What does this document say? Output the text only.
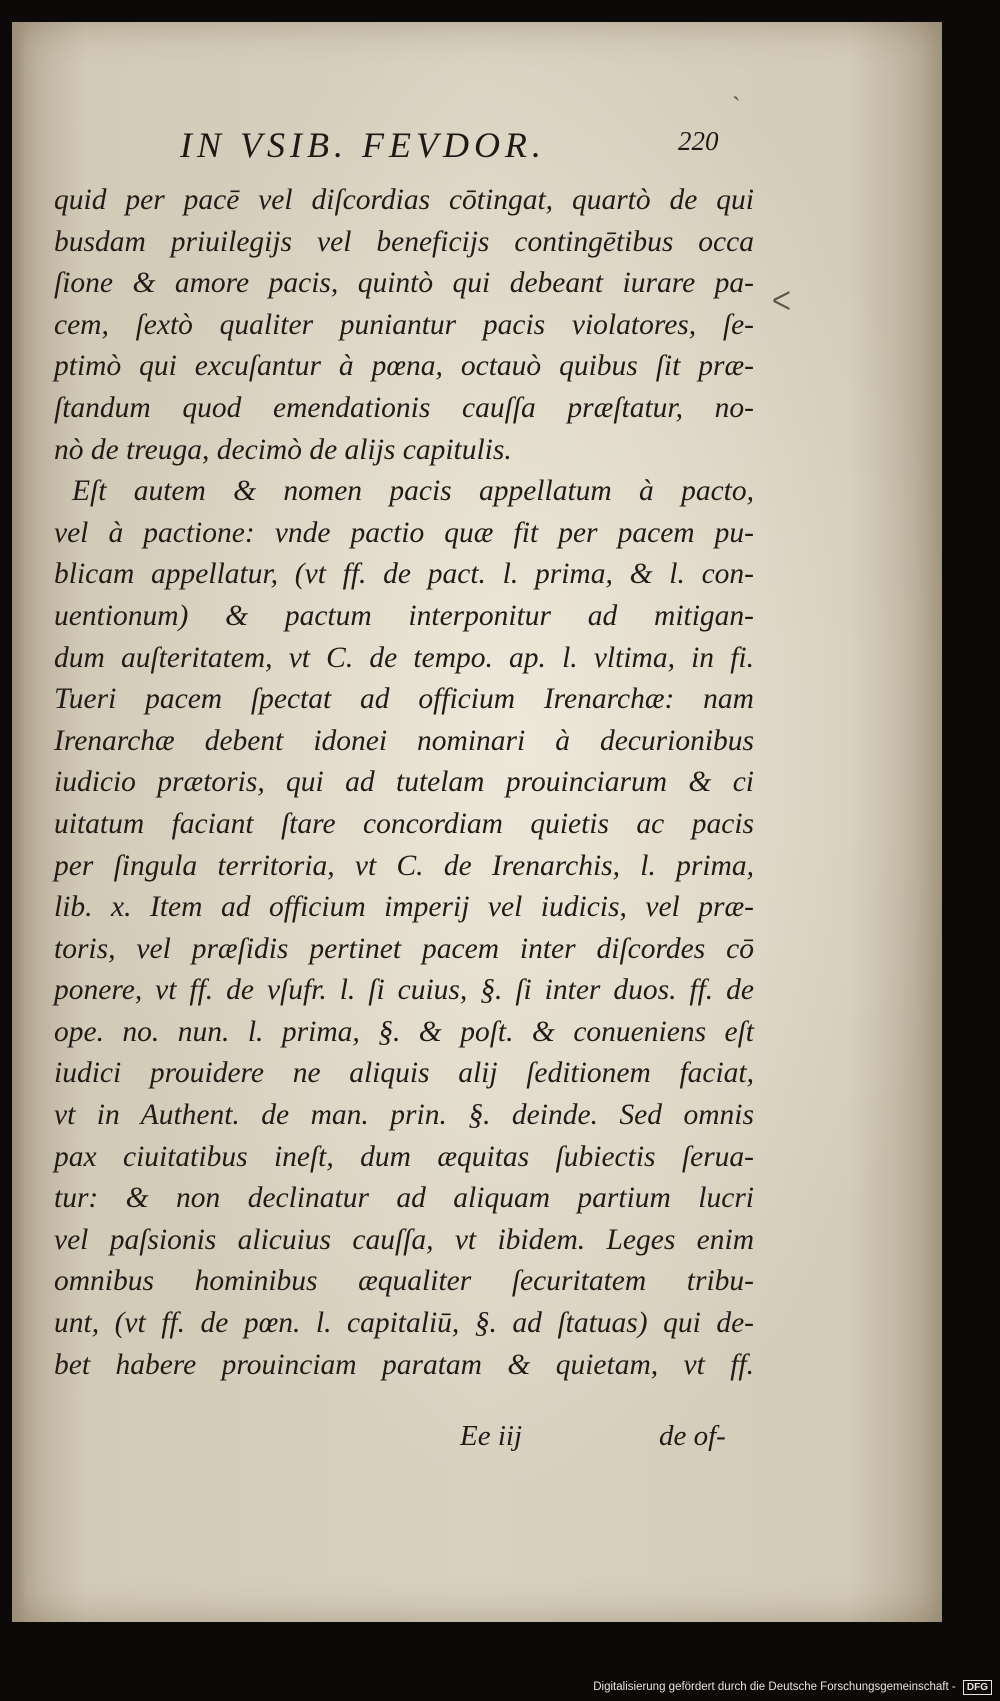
IN VSIB. FEVDOR.	220
ˋ
ᐸ
quid per pacē vel diſcordias cōtingat, quartò de qui
busdam priuilegijs vel beneficijs contingētibus occa
ſione & amore pacis, quintò qui debeant iurare pa-
cem, ſextò qualiter puniantur pacis violatores, ſe-
ptimò qui excuſantur à pœna, octauò quibus ſit præ-
ſtandum quod emendationis cauſſa præſtatur, no-
nò de treuga, decimò de alijs capitulis.
Eſt autem & nomen pacis appellatum à pacto,
vel à pactione: vnde pactio quæ fit per pacem pu-
blicam appellatur, (vt ff. de pact. l. prima, & l. con-
uentionum) & pactum interponitur ad mitigan-
dum auſteritatem, vt C. de tempo. ap. l. vltima, in fi.
Tueri pacem ſpectat ad officium Irenarchæ: nam
Irenarchæ debent idonei nominari à decurionibus
iudicio prætoris, qui ad tutelam prouinciarum & ci
uitatum faciant ſtare concordiam quietis ac pacis
per ſingula territoria, vt C. de Irenarchis, l. prima,
lib. x. Item ad officium imperij vel iudicis, vel præ-
toris, vel præſidis pertinet pacem inter diſcordes cō
ponere, vt ff. de vſufr. l. ſi cuius, §. ſi inter duos. ff. de
ope. no. nun. l. prima, §. & poſt. & conueniens eſt
iudici prouidere ne aliquis alij ſeditionem faciat,
vt in Authent. de man. prin. §. deinde. Sed omnis
pax ciuitatibus ineſt, dum æquitas ſubiectis ſerua-
tur: & non declinatur ad aliquam partium lucri
vel paſsionis alicuius cauſſa, vt ibidem. Leges enim
omnibus hominibus æqualiter ſecuritatem tribu-
unt, (vt ff. de pœn. l. capitaliū, §. ad ſtatuas) qui de-
bet habere prouinciam paratam & quietam, vt ff.
Ee iij	de of-
Digitalisierung gefördert durch die Deutsche Forschungsgemeinschaft - DFG
